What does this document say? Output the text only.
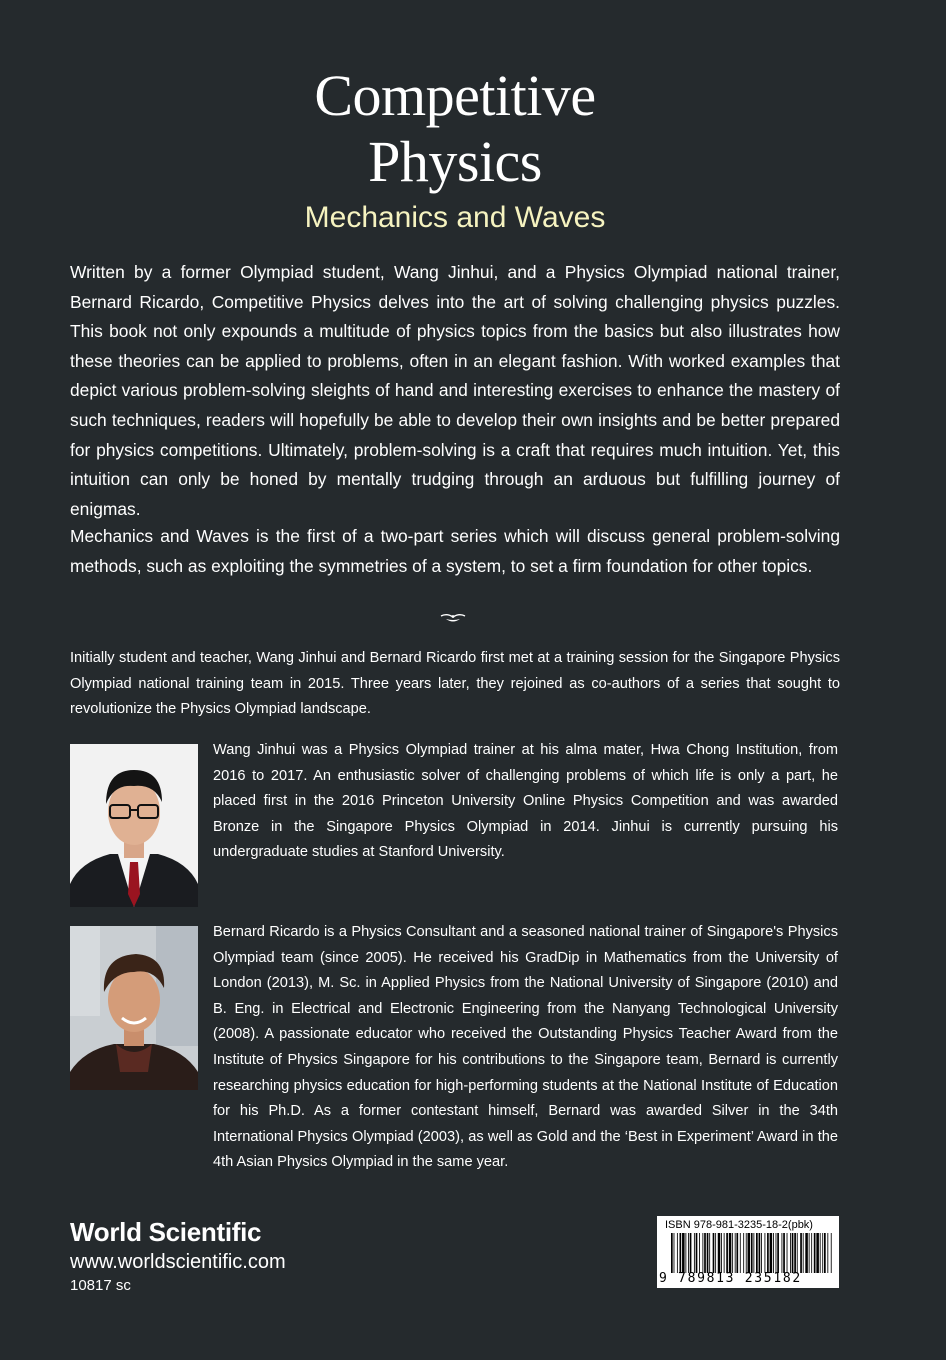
Competitive
Physics
Mechanics and Waves

Written by a former Olympiad student, Wang Jinhui, and a Physics Olympiad national trainer, Bernard Ricardo, Competitive Physics delves into the art of solving challenging physics puzzles. This book not only expounds a multitude of physics topics from the basics but also illustrates how these theories can be applied to problems, often in an elegant fashion. With worked examples that depict various problem-solving sleights of hand and interesting exercises to enhance the mastery of such techniques, readers will hopefully be able to develop their own insights and be better prepared for physics competitions. Ultimately, problem-solving is a craft that requires much intuition. Yet, this intuition can only be honed by mentally trudging through an arduous but fulfilling journey of enigmas.

Mechanics and Waves is the first of a two-part series which will discuss general problem-solving methods, such as exploiting the symmetries of a system, to set a firm foundation for other topics.

Initially student and teacher, Wang Jinhui and Bernard Ricardo first met at a training session for the Singapore Physics Olympiad national training team in 2015. Three years later, they rejoined as co-authors of a series that sought to revolutionize the Physics Olympiad landscape.

Wang Jinhui was a Physics Olympiad trainer at his alma mater, Hwa Chong Institution, from 2016 to 2017. An enthusiastic solver of challenging problems of which life is only a part, he placed first in the 2016 Princeton University Online Physics Competition and was awarded Bronze in the Singapore Physics Olympiad in 2014. Jinhui is currently pursuing his undergraduate studies at Stanford University.

Bernard Ricardo is a Physics Consultant and a seasoned national trainer of Singapore's Physics Olympiad team (since 2005). He received his GradDip in Mathematics from the University of London (2013), M. Sc. in Applied Physics from the National University of Singapore (2010) and B. Eng. in Electrical and Electronic Engineering from the Nanyang Technological University (2008). A passionate educator who received the Outstanding Physics Teacher Award from the Institute of Physics Singapore for his contributions to the Singapore team, Bernard is currently researching physics education for high-performing students at the National Institute of Education for his Ph.D. As a former contestant himself, Bernard was awarded Silver in the 34th International Physics Olympiad (2003), as well as Gold and the ‘Best in Experiment’ Award in the 4th Asian Physics Olympiad in the same year.

World Scientific
www.worldscientific.com
10817 sc
ISBN 978-981-3235-18-2(pbk)
9 789813 235182
